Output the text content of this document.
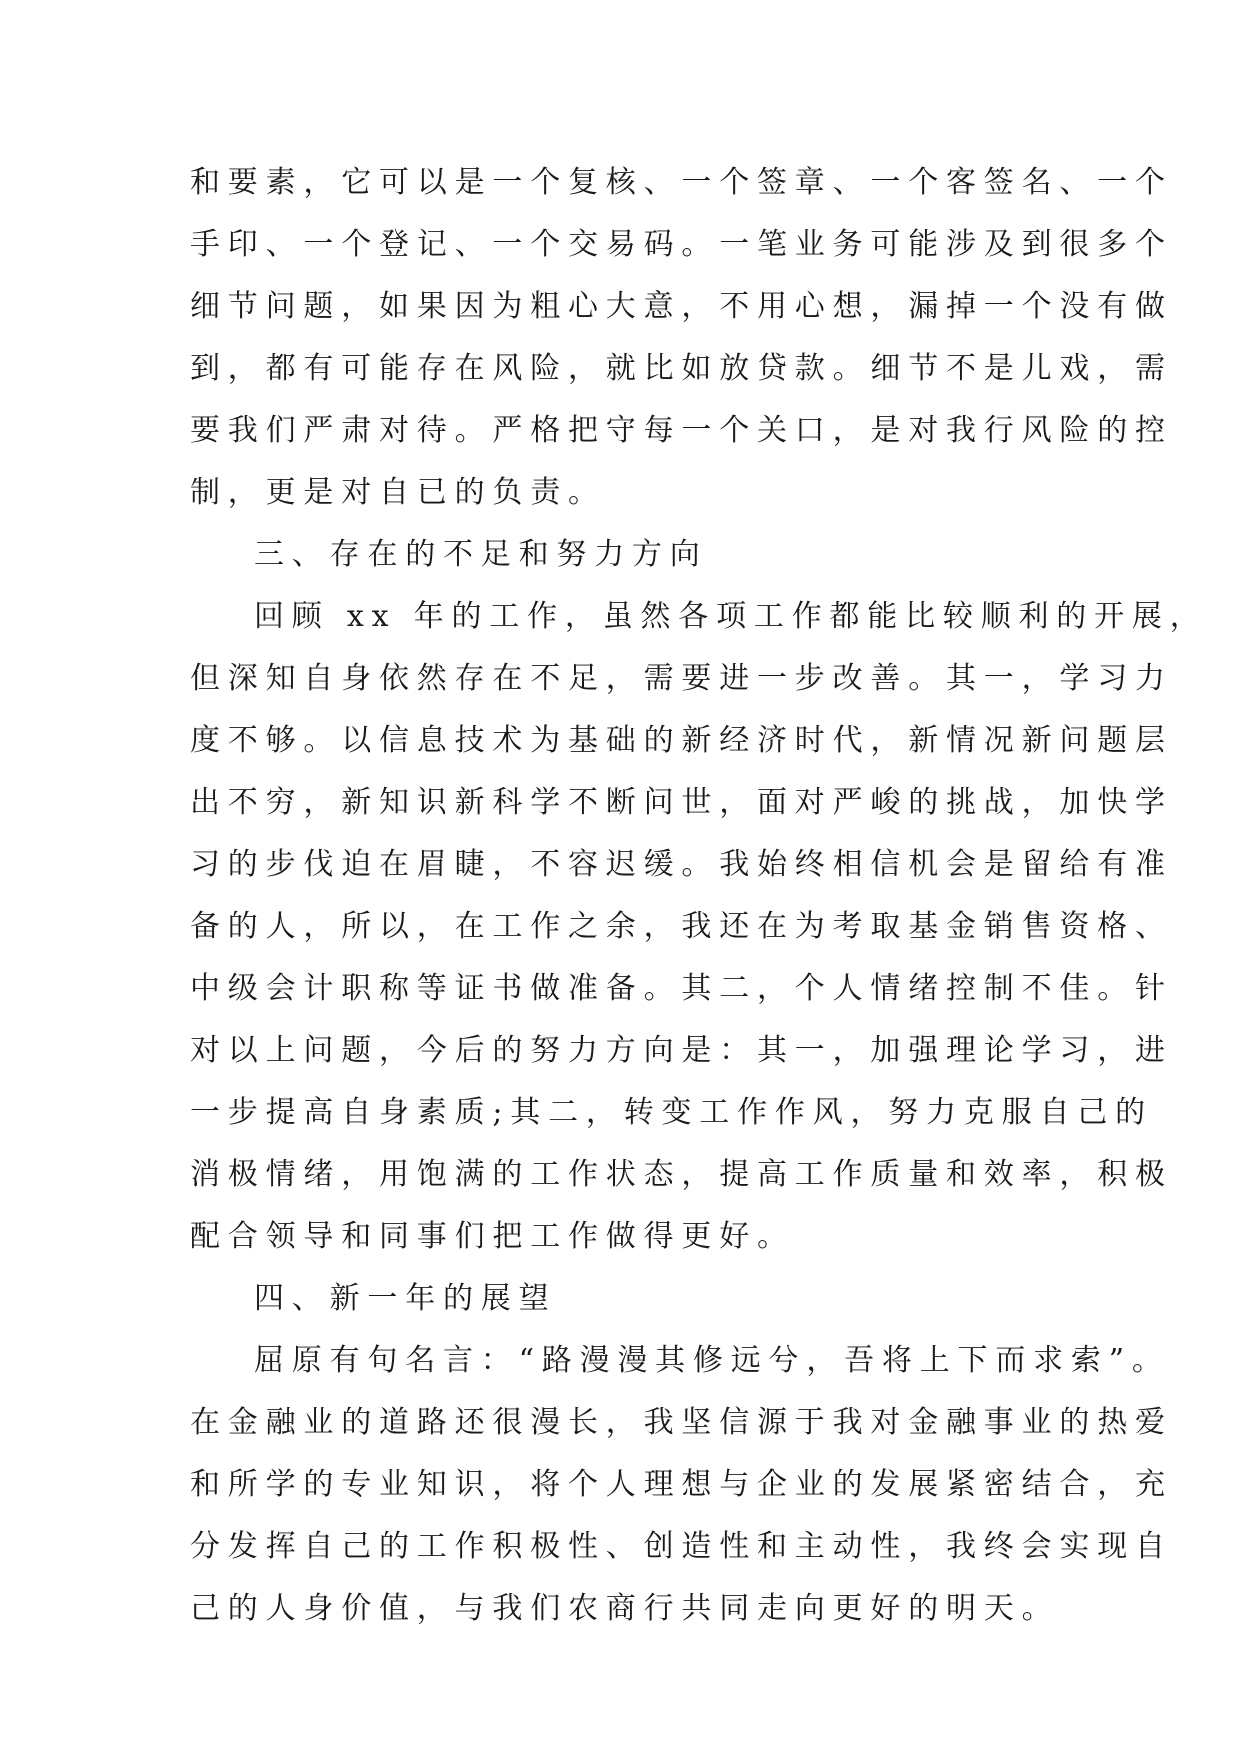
和要素，它可以是一个复核、一个签章、一个客签名、一个
手印、一个登记、一个交易码。一笔业务可能涉及到很多个
细节问题，如果因为粗心大意，不用心想，漏掉一个没有做
到，都有可能存在风险，就比如放贷款。细节不是儿戏，需
要我们严肃对待。严格把守每一个关口，是对我行风险的控
制，更是对自已的负责。
三、存在的不足和努力方向
回顾 xx 年的工作，虽然各项工作都能比较顺利的开展，
但深知自身依然存在不足，需要进一步改善。其一，学习力
度不够。以信息技术为基础的新经济时代，新情况新问题层
出不穷，新知识新科学不断问世，面对严峻的挑战，加快学
习的步伐迫在眉睫，不容迟缓。我始终相信机会是留给有准
备的人，所以，在工作之余，我还在为考取基金销售资格、
中级会计职称等证书做准备。其二，个人情绪控制不佳。针
对以上问题，今后的努力方向是：其一，加强理论学习，进
一步提高自身素质;其二，转变工作作风，努力克服自己的
消极情绪，用饱满的工作状态，提高工作质量和效率，积极
配合领导和同事们把工作做得更好。
四、新一年的展望
屈原有句名言：“路漫漫其修远兮，吾将上下而求索”。
在金融业的道路还很漫长，我坚信源于我对金融事业的热爱
和所学的专业知识，将个人理想与企业的发展紧密结合，充
分发挥自己的工作积极性、创造性和主动性，我终会实现自
己的人身价值，与我们农商行共同走向更好的明天。
